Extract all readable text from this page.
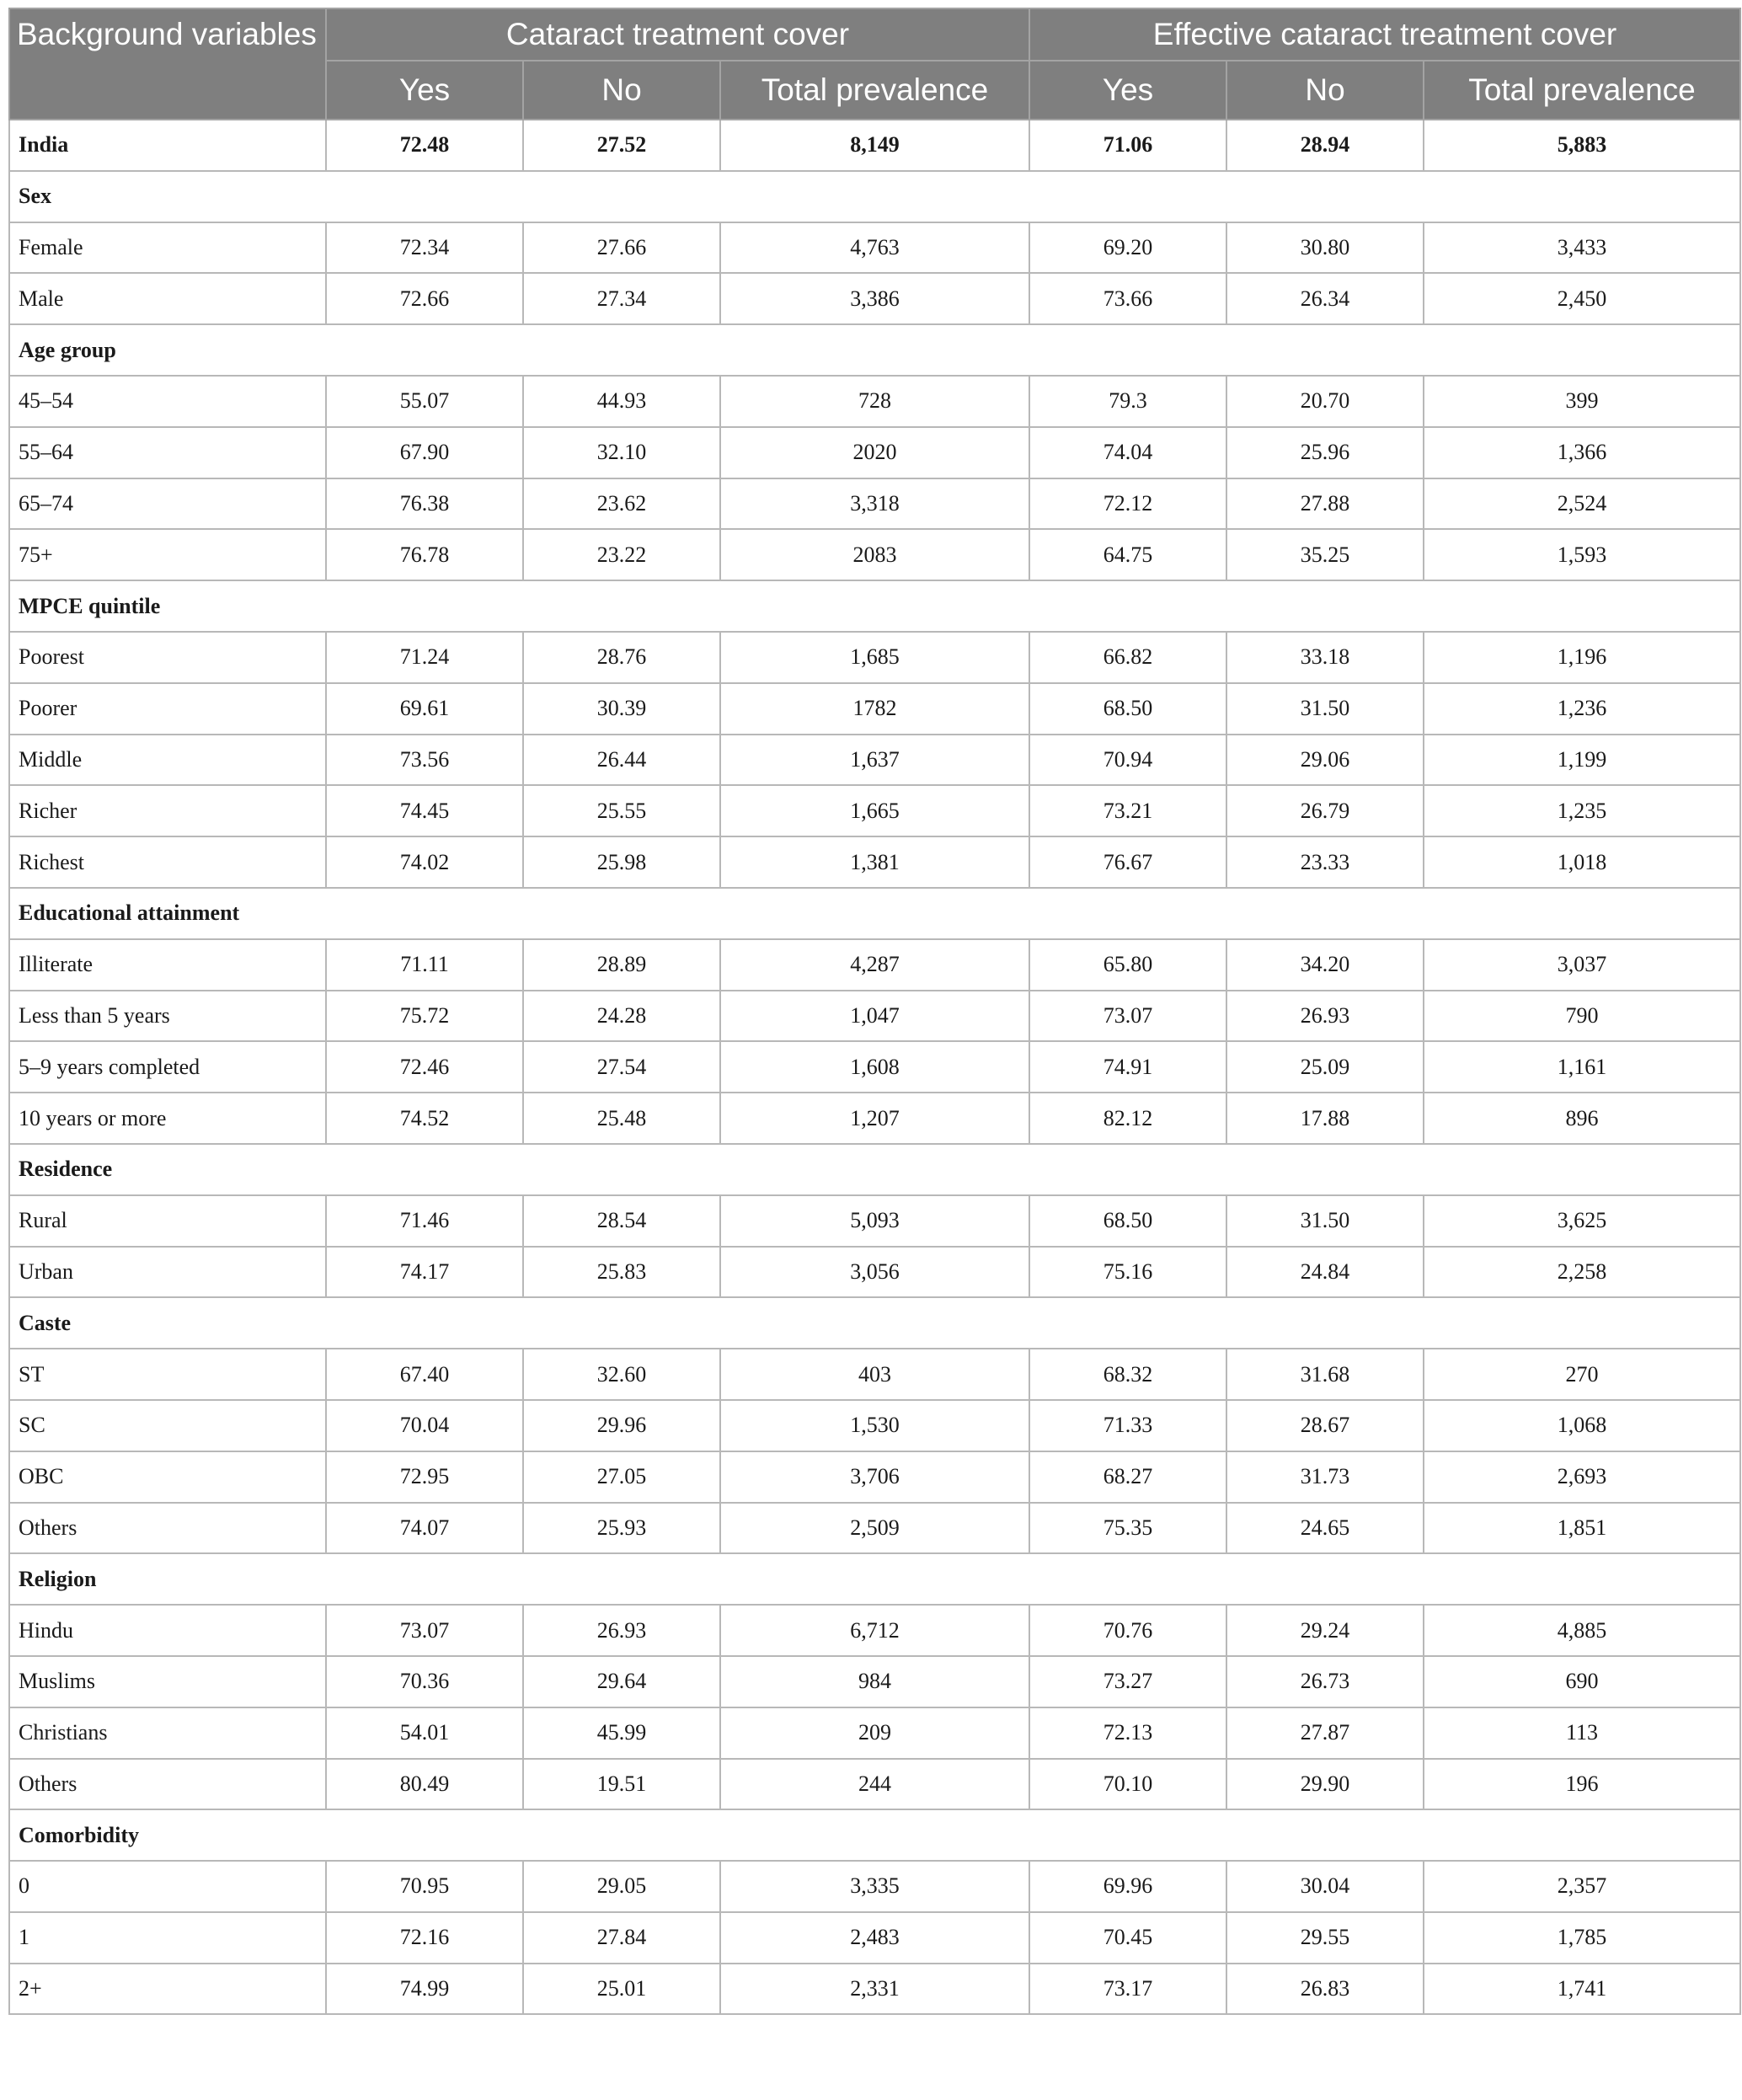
Background variables	Cataract treatment cover			Effective cataract treatment cover		
	Yes	No	Total prevalence	Yes	No	Total prevalence
India	72.48	27.52	8,149	71.06	28.94	5,883
Sex						
Female	72.34	27.66	4,763	69.20	30.80	3,433
Male	72.66	27.34	3,386	73.66	26.34	2,450
Age group						
45–54	55.07	44.93	728	79.3	20.70	399
55–64	67.90	32.10	2020	74.04	25.96	1,366
65–74	76.38	23.62	3,318	72.12	27.88	2,524
75+	76.78	23.22	2083	64.75	35.25	1,593
MPCE quintile						
Poorest	71.24	28.76	1,685	66.82	33.18	1,196
Poorer	69.61	30.39	1782	68.50	31.50	1,236
Middle	73.56	26.44	1,637	70.94	29.06	1,199
Richer	74.45	25.55	1,665	73.21	26.79	1,235
Richest	74.02	25.98	1,381	76.67	23.33	1,018
Educational attainment						
Illiterate	71.11	28.89	4,287	65.80	34.20	3,037
Less than 5 years	75.72	24.28	1,047	73.07	26.93	790
5–9 years completed	72.46	27.54	1,608	74.91	25.09	1,161
10 years or more	74.52	25.48	1,207	82.12	17.88	896
Residence						
Rural	71.46	28.54	5,093	68.50	31.50	3,625
Urban	74.17	25.83	3,056	75.16	24.84	2,258
Caste						
ST	67.40	32.60	403	68.32	31.68	270
SC	70.04	29.96	1,530	71.33	28.67	1,068
OBC	72.95	27.05	3,706	68.27	31.73	2,693
Others	74.07	25.93	2,509	75.35	24.65	1,851
Religion						
Hindu	73.07	26.93	6,712	70.76	29.24	4,885
Muslims	70.36	29.64	984	73.27	26.73	690
Christians	54.01	45.99	209	72.13	27.87	113
Others	80.49	19.51	244	70.10	29.90	196
Comorbidity						
0	70.95	29.05	3,335	69.96	30.04	2,357
1	72.16	27.84	2,483	70.45	29.55	1,785
2+	74.99	25.01	2,331	73.17	26.83	1,741
